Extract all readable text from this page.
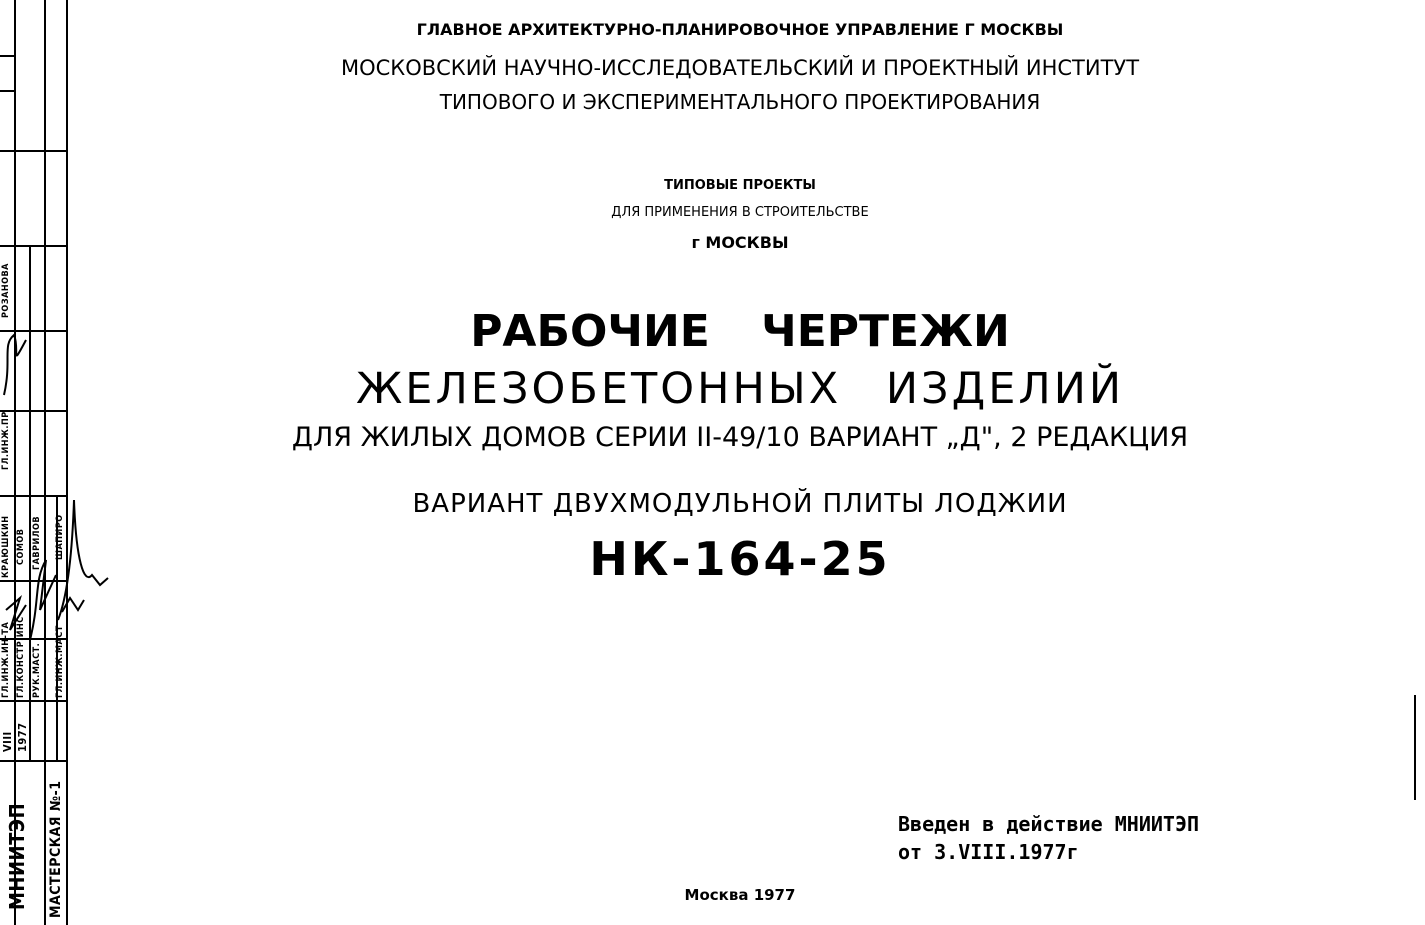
МНИИТЭП МАСТЕРСКАЯ №-1
VIII 1977
ГЛ.ИНЖ.ИН-ТА ГЛ.КОНСТР.ИНС РУК.МАСТ. ГЛ.ИНЖ.МАСТ
КРАЮШКИН СОМОВ ГАВРИЛОВ ШАПИРО
ГЛ.ИНЖ.ПР
РОЗАНОВА
ГЛАВНОЕ АРХИТЕКТУРНО-ПЛАНИРОВОЧНОЕ УПРАВЛЕНИЕ Г МОСКВЫ
МОСКОВСКИЙ НАУЧНО-ИССЛЕДОВАТЕЛЬСКИЙ И ПРОЕКТНЫЙ ИНСТИТУТ
ТИПОВОГО И ЭКСПЕРИМЕНТАЛЬНОГО ПРОЕКТИРОВАНИЯ
ТИПОВЫЕ ПРОЕКТЫ
ДЛЯ ПРИМЕНЕНИЯ В СТРОИТЕЛЬСТВЕ
г МОСКВЫ
РАБОЧИЕ ЧЕРТЕЖИ
ЖЕЛЕЗОБЕТОННЫХ ИЗДЕЛИЙ
ДЛЯ ЖИЛЫХ ДОМОВ СЕРИИ II-49/10 ВАРИАНТ „Д", 2 РЕДАКЦИЯ
ВАРИАНТ ДВУХМОДУЛЬНОЙ ПЛИТЫ ЛОДЖИИ
НК-164-25
Введен в действие МНИИТЭП
от 3.VIII.1977г
Москва 1977
